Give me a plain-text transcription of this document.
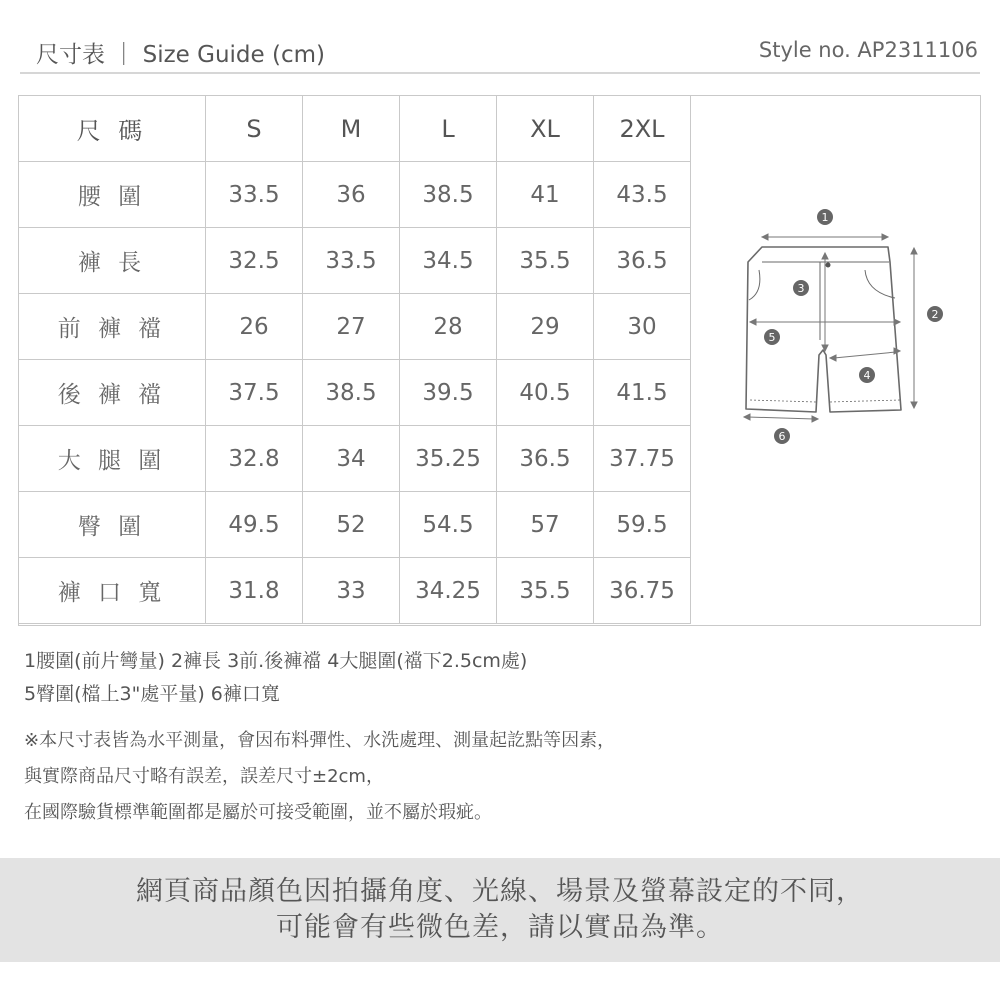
尺寸表 ｜ Size Guide (cm)	Style no. AP2311106
尺 碼	S	M	L	XL	2XL
腰 圍	33.5	36	38.5	41	43.5
褲 長	32.5	33.5	34.5	35.5	36.5
前 褲 襠	26	27	28	29	30
後 褲 襠	37.5	38.5	39.5	40.5	41.5
大 腿 圍	32.8	34	35.25	36.5	37.75
臀 圍	49.5	52	54.5	57	59.5
褲 口 寬	31.8	33	34.25	35.5	36.75
1
2
3
4
5
6
1腰圍(前片彎量) 2褲長 3前.後褲襠 4大腿圍(襠下2.5cm處)
5臀圍(檔上3"處平量) 6褲口寬
※本尺寸表皆為水平測量，會因布料彈性、水洗處理、測量起訖點等因素，
與實際商品尺寸略有誤差，誤差尺寸±2cm，
在國際驗貨標準範圍都是屬於可接受範圍，並不屬於瑕疵。
網頁商品顏色因拍攝角度、光線、場景及螢幕設定的不同，
可能會有些微色差，請以實品為準。
